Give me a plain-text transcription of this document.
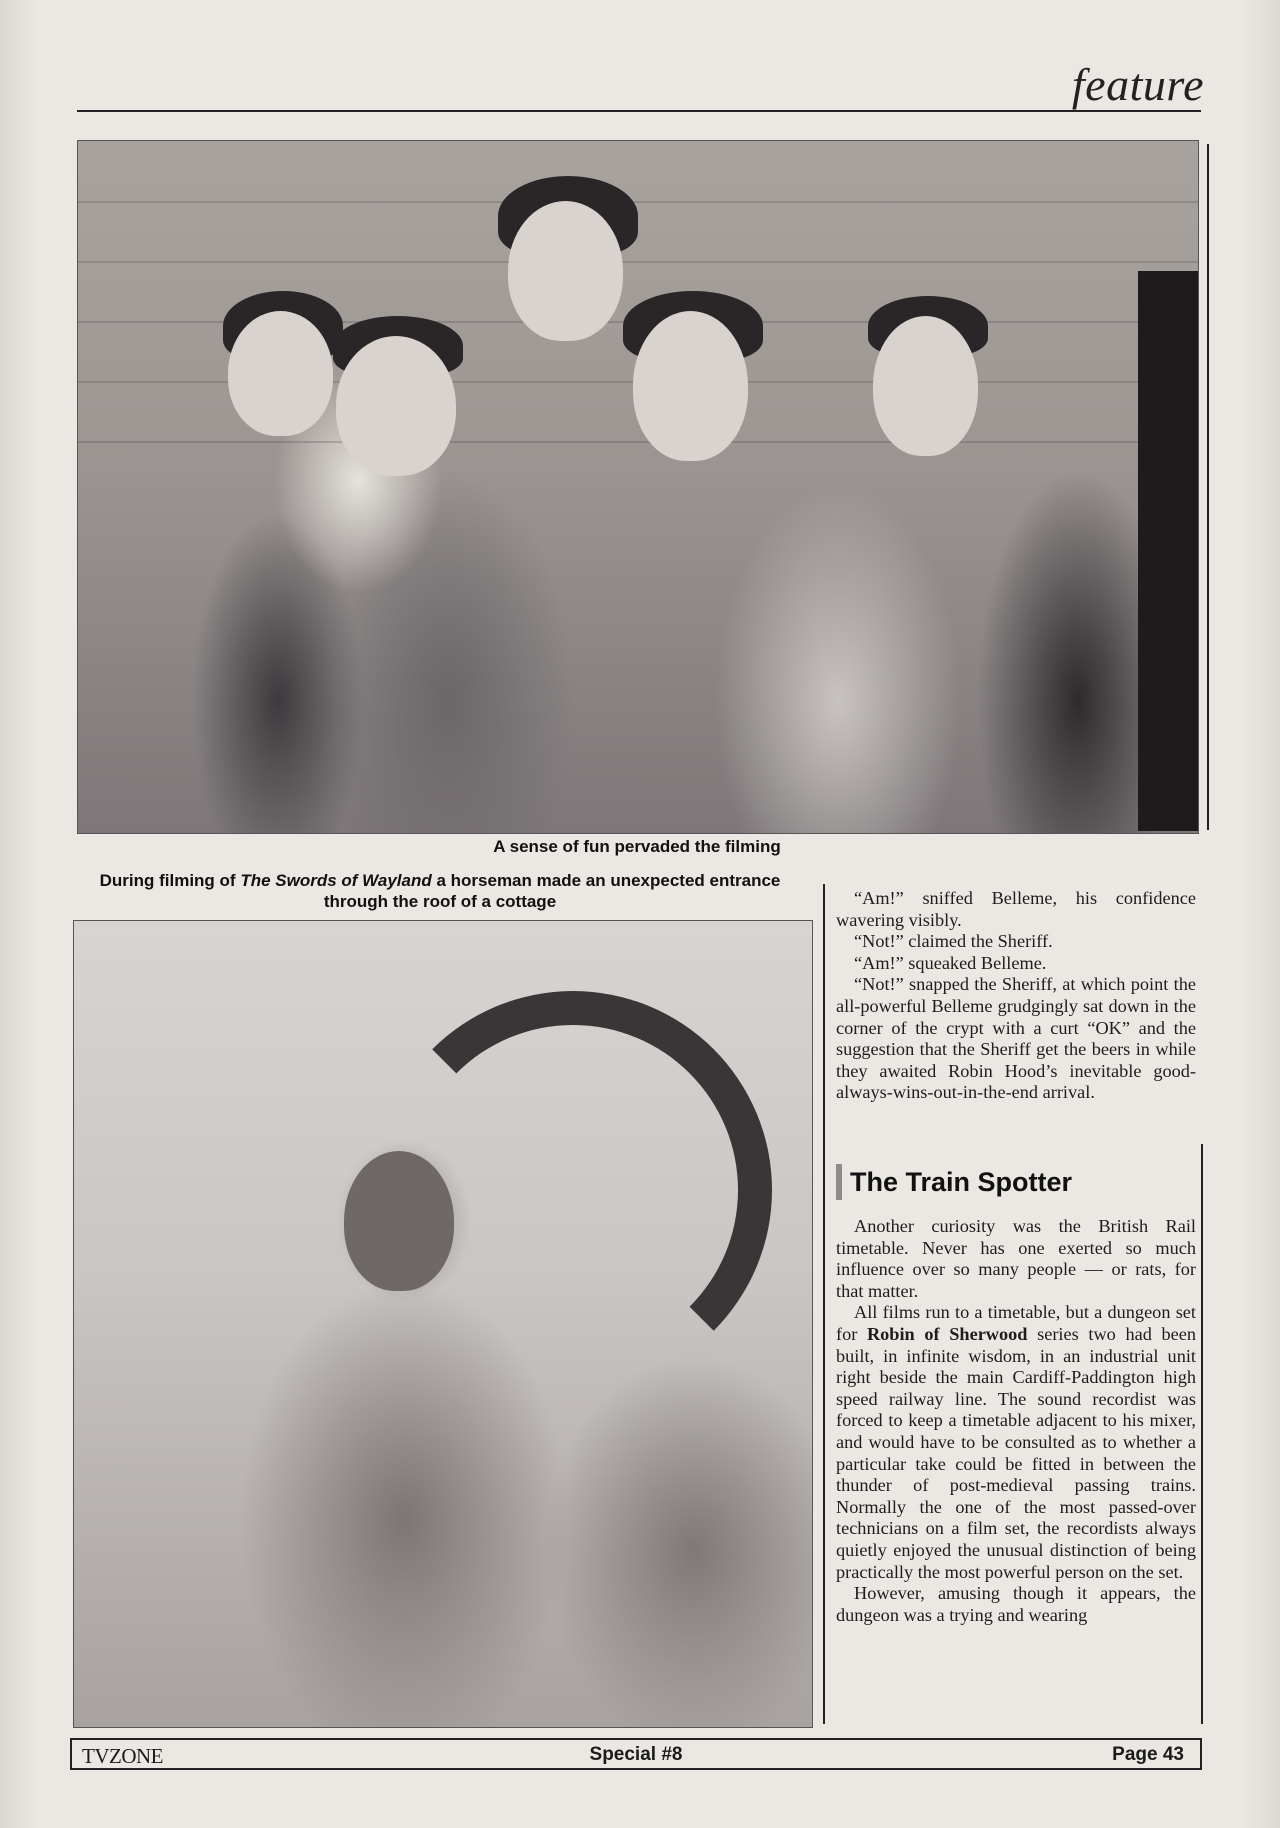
feature
A sense of fun pervaded the filming
During filming of The Swords of Wayland a horseman made an unexpected entrance through the roof of a cottage	“Am!” sniffed Belleme, his confidence wavering visibly.

“Not!” claimed the Sheriff.

“Am!” squeaked Belleme.

“Not!” snapped the Sheriff, at which point the all-powerful Belleme grudgingly sat down in the corner of the crypt with a curt “OK” and the suggestion that the Sheriff get the beers in while they awaited Robin Hood’s inevitable good-always-wins-out-in-the-end arrival.

The Train Spotter

Another curiosity was the British Rail timetable. Never has one exerted so much influence over so many people — or rats, for that matter.

All films run to a timetable, but a dungeon set for Robin of Sherwood series two had been built, in infinite wisdom, in an industrial unit right beside the main Cardiff-Paddington high speed railway line. The sound recordist was forced to keep a timetable adjacent to his mixer, and would have to be consulted as to whether a particular take could be fitted in between the thunder of post-medieval passing trains. Normally the one of the most passed-over technicians on a film set, the recordists always quietly enjoyed the unusual distinction of being practically the most powerful person on the set.

However, amusing though it appears, the dungeon was a trying and wearing

TVZONE	Special #8	Page 43
